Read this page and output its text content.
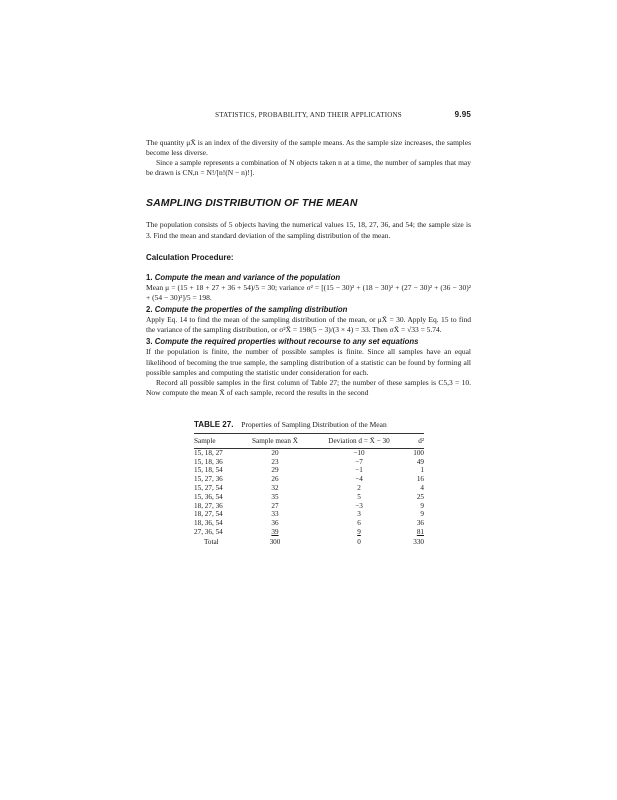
STATISTICS, PROBABILITY, AND THEIR APPLICATIONS	9.95

The quantity μX̄ is an index of the diversity of the sample means. As the sample size increases, the samples become less diverse.

Since a sample represents a combination of N objects taken n at a time, the number of samples that may be drawn is CN,n = N!/[n!(N − n)!].

SAMPLING DISTRIBUTION OF THE MEAN

The population consists of 5 objects having the numerical values 15, 18, 27, 36, and 54; the sample size is 3. Find the mean and standard deviation of the sampling distribution of the mean.

Calculation Procedure:
1. Compute the mean and variance of the population

Mean μ = (15 + 18 + 27 + 36 + 54)/5 = 30; variance σ² = [(15 − 30)² + (18 − 30)² + (27 − 30)² + (36 − 30)² + (54 − 30)²]/5 = 198.

2. Compute the properties of the sampling distribution

Apply Eq. 14 to find the mean of the sampling distribution of the mean, or μX̄ = 30. Apply Eq. 15 to find the variance of the sampling distribution, or σ²X̄ = 198(5 − 3)/(3 × 4) = 33. Then σX̄ = √33 = 5.74.

3. Compute the required properties without recourse to any set equations

If the population is finite, the number of possible samples is finite. Since all samples have an equal likelihood of becoming the true sample, the sampling distribution of a statistic can be found by forming all possible samples and computing the statistic under consideration for each.

Record all possible samples in the first column of Table 27; the number of these samples is C5,3 = 10. Now compute the mean X̄ of each sample, record the results in the second

TABLE 27. Properties of Sampling Distribution of the Mean
Sample	Sample mean X̄	Deviation d = X̄ − 30	d²
15, 18, 27	20	−10	100
15, 18, 36	23	−7	49
15, 18, 54	29	−1	1
15, 27, 36	26	−4	16
15, 27, 54	32	2	4
15, 36, 54	35	5	25
18, 27, 36	27	−3	9
18, 27, 54	33	3	9
18, 36, 54	36	6	36
27, 36, 54	39	9	81
Total	300	0	330
